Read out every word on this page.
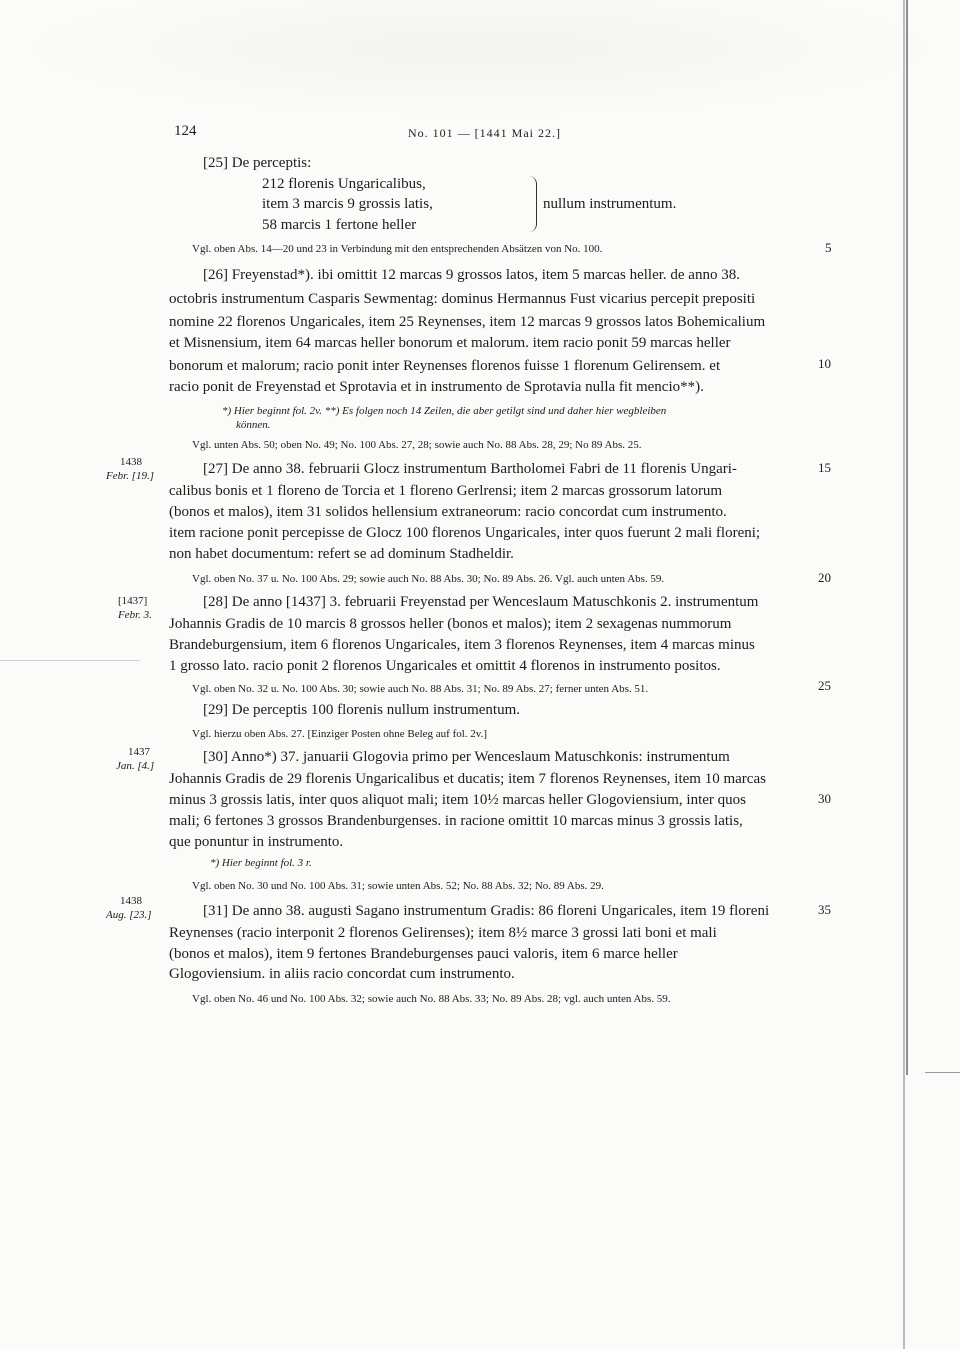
124	No. 101 — [1441 Mai 22.]
[25] De perceptis:
212 florenis Ungaricalibus,
item 3 marcis 9 grossis latis,
58 marcis 1 fertone heller
nullum instrumentum.
Vgl. oben Abs. 14—20 und 23 in Verbindung mit den entsprechenden Absätzen von No. 100.
[26] Freyenstad*). ibi omittit 12 marcas 9 grossos latos, item 5 marcas heller. de anno 38.
octobris instrumentum Casparis Sewmentag: dominus Hermannus Fust vicarius percepit prepositi
nomine 22 florenos Ungaricales, item 25 Reynenses, item 12 marcas 9 grossos latos Bohemicalium
et Misnensium, item 64 marcas heller bonorum et malorum. item racio ponit 59 marcas heller
bonorum et malorum; racio ponit inter Reynenses florenos fuisse 1 florenum Gelirensem. et
racio ponit de Freyenstad et Sprotavia et in instrumento de Sprotavia nulla fit mencio**).
*) Hier beginnt fol. 2v. **) Es folgen noch 14 Zeilen, die aber getilgt sind und daher hier wegbleiben
können.
Vgl. unten Abs. 50; oben No. 49; No. 100 Abs. 27, 28; sowie auch No. 88 Abs. 28, 29; No 89 Abs. 25.
1438
Febr. [19.]	[27] De anno 38. februarii Glocz instrumentum Bartholomei Fabri de 11 florenis Ungari-
calibus bonis et 1 floreno de Torcia et 1 floreno Gerlrensi; item 2 marcas grossorum latorum
(bonos et malos), item 31 solidos hellensium extraneorum: racio concordat cum instrumento.
item racione ponit percepisse de Glocz 100 florenos Ungaricales, inter quos fuerunt 2 mali floreni;
non habet documentum: refert se ad dominum Stadheldir.
Vgl. oben No. 37 u. No. 100 Abs. 29; sowie auch No. 88 Abs. 30; No. 89 Abs. 26. Vgl. auch unten Abs. 59.
[1437]
Febr. 3.
[28] De anno [1437] 3. februarii Freyenstad per Wenceslaum Matuschkonis 2. instrumentum
Johannis Gradis de 10 marcis 8 grossos heller (bonos et malos); item 2 sexagenas nummorum
Brandeburgensium, item 6 florenos Ungaricales, item 3 florenos Reynenses, item 4 marcas minus
1 grosso lato. racio ponit 2 florenos Ungaricales et omittit 4 florenos in instrumento positos.
Vgl. oben No. 32 u. No. 100 Abs. 30; sowie auch No. 88 Abs. 31; No. 89 Abs. 27; ferner unten Abs. 51.
[29] De perceptis 100 florenis nullum instrumentum.
Vgl. hierzu oben Abs. 27. [Einziger Posten ohne Beleg auf fol. 2v.]
1437
Jan. [4.]
[30] Anno*) 37. januarii Glogovia primo per Wenceslaum Matuschkonis: instrumentum
Johannis Gradis de 29 florenis Ungaricalibus et ducatis; item 7 florenos Reynenses, item 10 marcas
minus 3 grossis latis, inter quos aliquot mali; item 10½ marcas heller Glogoviensium, inter quos
mali; 6 fertones 3 grossos Brandenburgenses. in racione omittit 10 marcas minus 3 grossis latis,
que ponuntur in instrumento.
*) Hier beginnt fol. 3 r.
Vgl. oben No. 30 und No. 100 Abs. 31; sowie unten Abs. 52; No. 88 Abs. 32; No. 89 Abs. 29.
1438
Aug. [23.]	[31] De anno 38. augusti Sagano instrumentum Gradis: 86 floreni Ungaricales, item 19 floreni
Reynenses (racio interponit 2 florenos Gelirenses); item 8½ marce 3 grossi lati boni et mali
(bonos et malos), item 9 fertones Brandeburgenses pauci valoris, item 6 marce heller
Glogoviensium. in aliis racio concordat cum instrumento.
Vgl. oben No. 46 und No. 100 Abs. 32; sowie auch No. 88 Abs. 33; No. 89 Abs. 28; vgl. auch unten Abs. 59.
5
10
15
20
25
30
35
